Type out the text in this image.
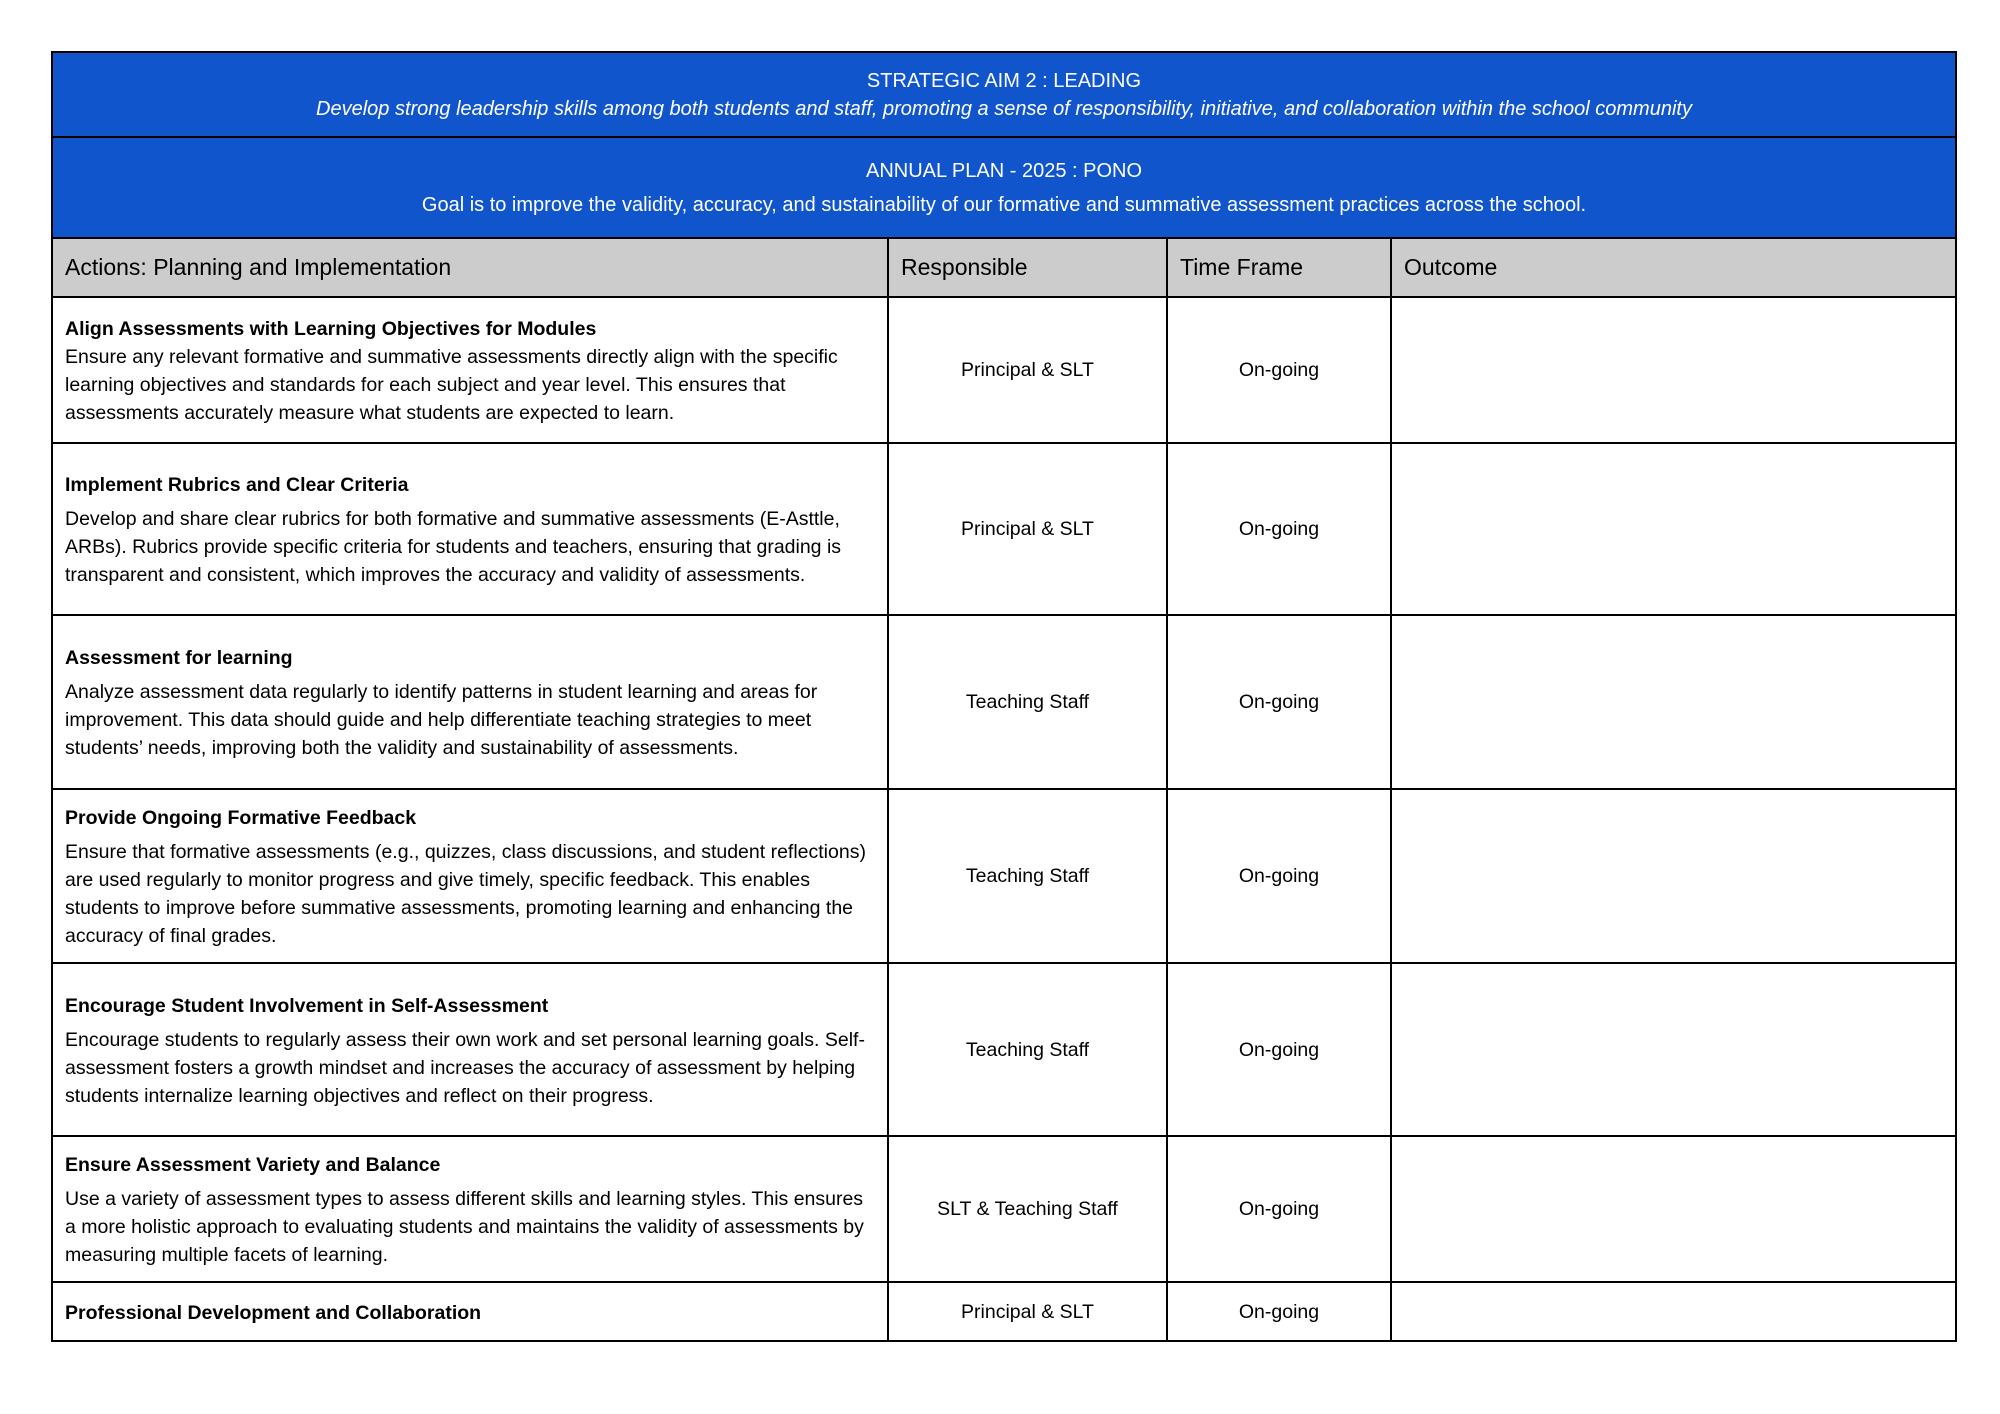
STRATEGIC AIM 2 : LEADING
Develop strong leadership skills among both students and staff, promoting a sense of responsibility, initiative, and collaboration within the school community			

ANNUAL PLAN - 2025 : PONO
Goal is to improve the validity, accuracy, and sustainability of our formative and summative assessment practices across the school.			

Actions: Planning and Implementation	Responsible	Time Frame	Outcome

Align Assessments with Learning Objectives for Modules
Ensure any relevant formative and summative assessments directly align with the specific learning objectives and standards for each subject and year level. This ensures that assessments accurately measure what students are expected to learn.	Principal & SLT	On-going	

Implement Rubrics and Clear Criteria
Develop and share clear rubrics for both formative and summative assessments (E-Asttle, ARBs). Rubrics provide specific criteria for students and teachers, ensuring that grading is transparent and consistent, which improves the accuracy and validity of assessments.	Principal & SLT	On-going	

Assessment for learning
Analyze assessment data regularly to identify patterns in student learning and areas for improvement. This data should guide and help differentiate teaching strategies to meet students’ needs, improving both the validity and sustainability of assessments.	Teaching Staff	On-going	

Provide Ongoing Formative Feedback
Ensure that formative assessments (e.g., quizzes, class discussions, and student reflections) are used regularly to monitor progress and give timely, specific feedback. This enables students to improve before summative assessments, promoting learning and enhancing the accuracy of final grades.	Teaching Staff	On-going	

Encourage Student Involvement in Self-Assessment
Encourage students to regularly assess their own work and set personal learning goals. Self-assessment fosters a growth mindset and increases the accuracy of assessment by helping students internalize learning objectives and reflect on their progress.	Teaching Staff	On-going	

Ensure Assessment Variety and Balance
Use a variety of assessment types to assess different skills and learning styles. This ensures a more holistic approach to evaluating students and maintains the validity of assessments by measuring multiple facets of learning.	SLT & Teaching Staff	On-going	

Professional Development and Collaboration	Principal & SLT	On-going	
